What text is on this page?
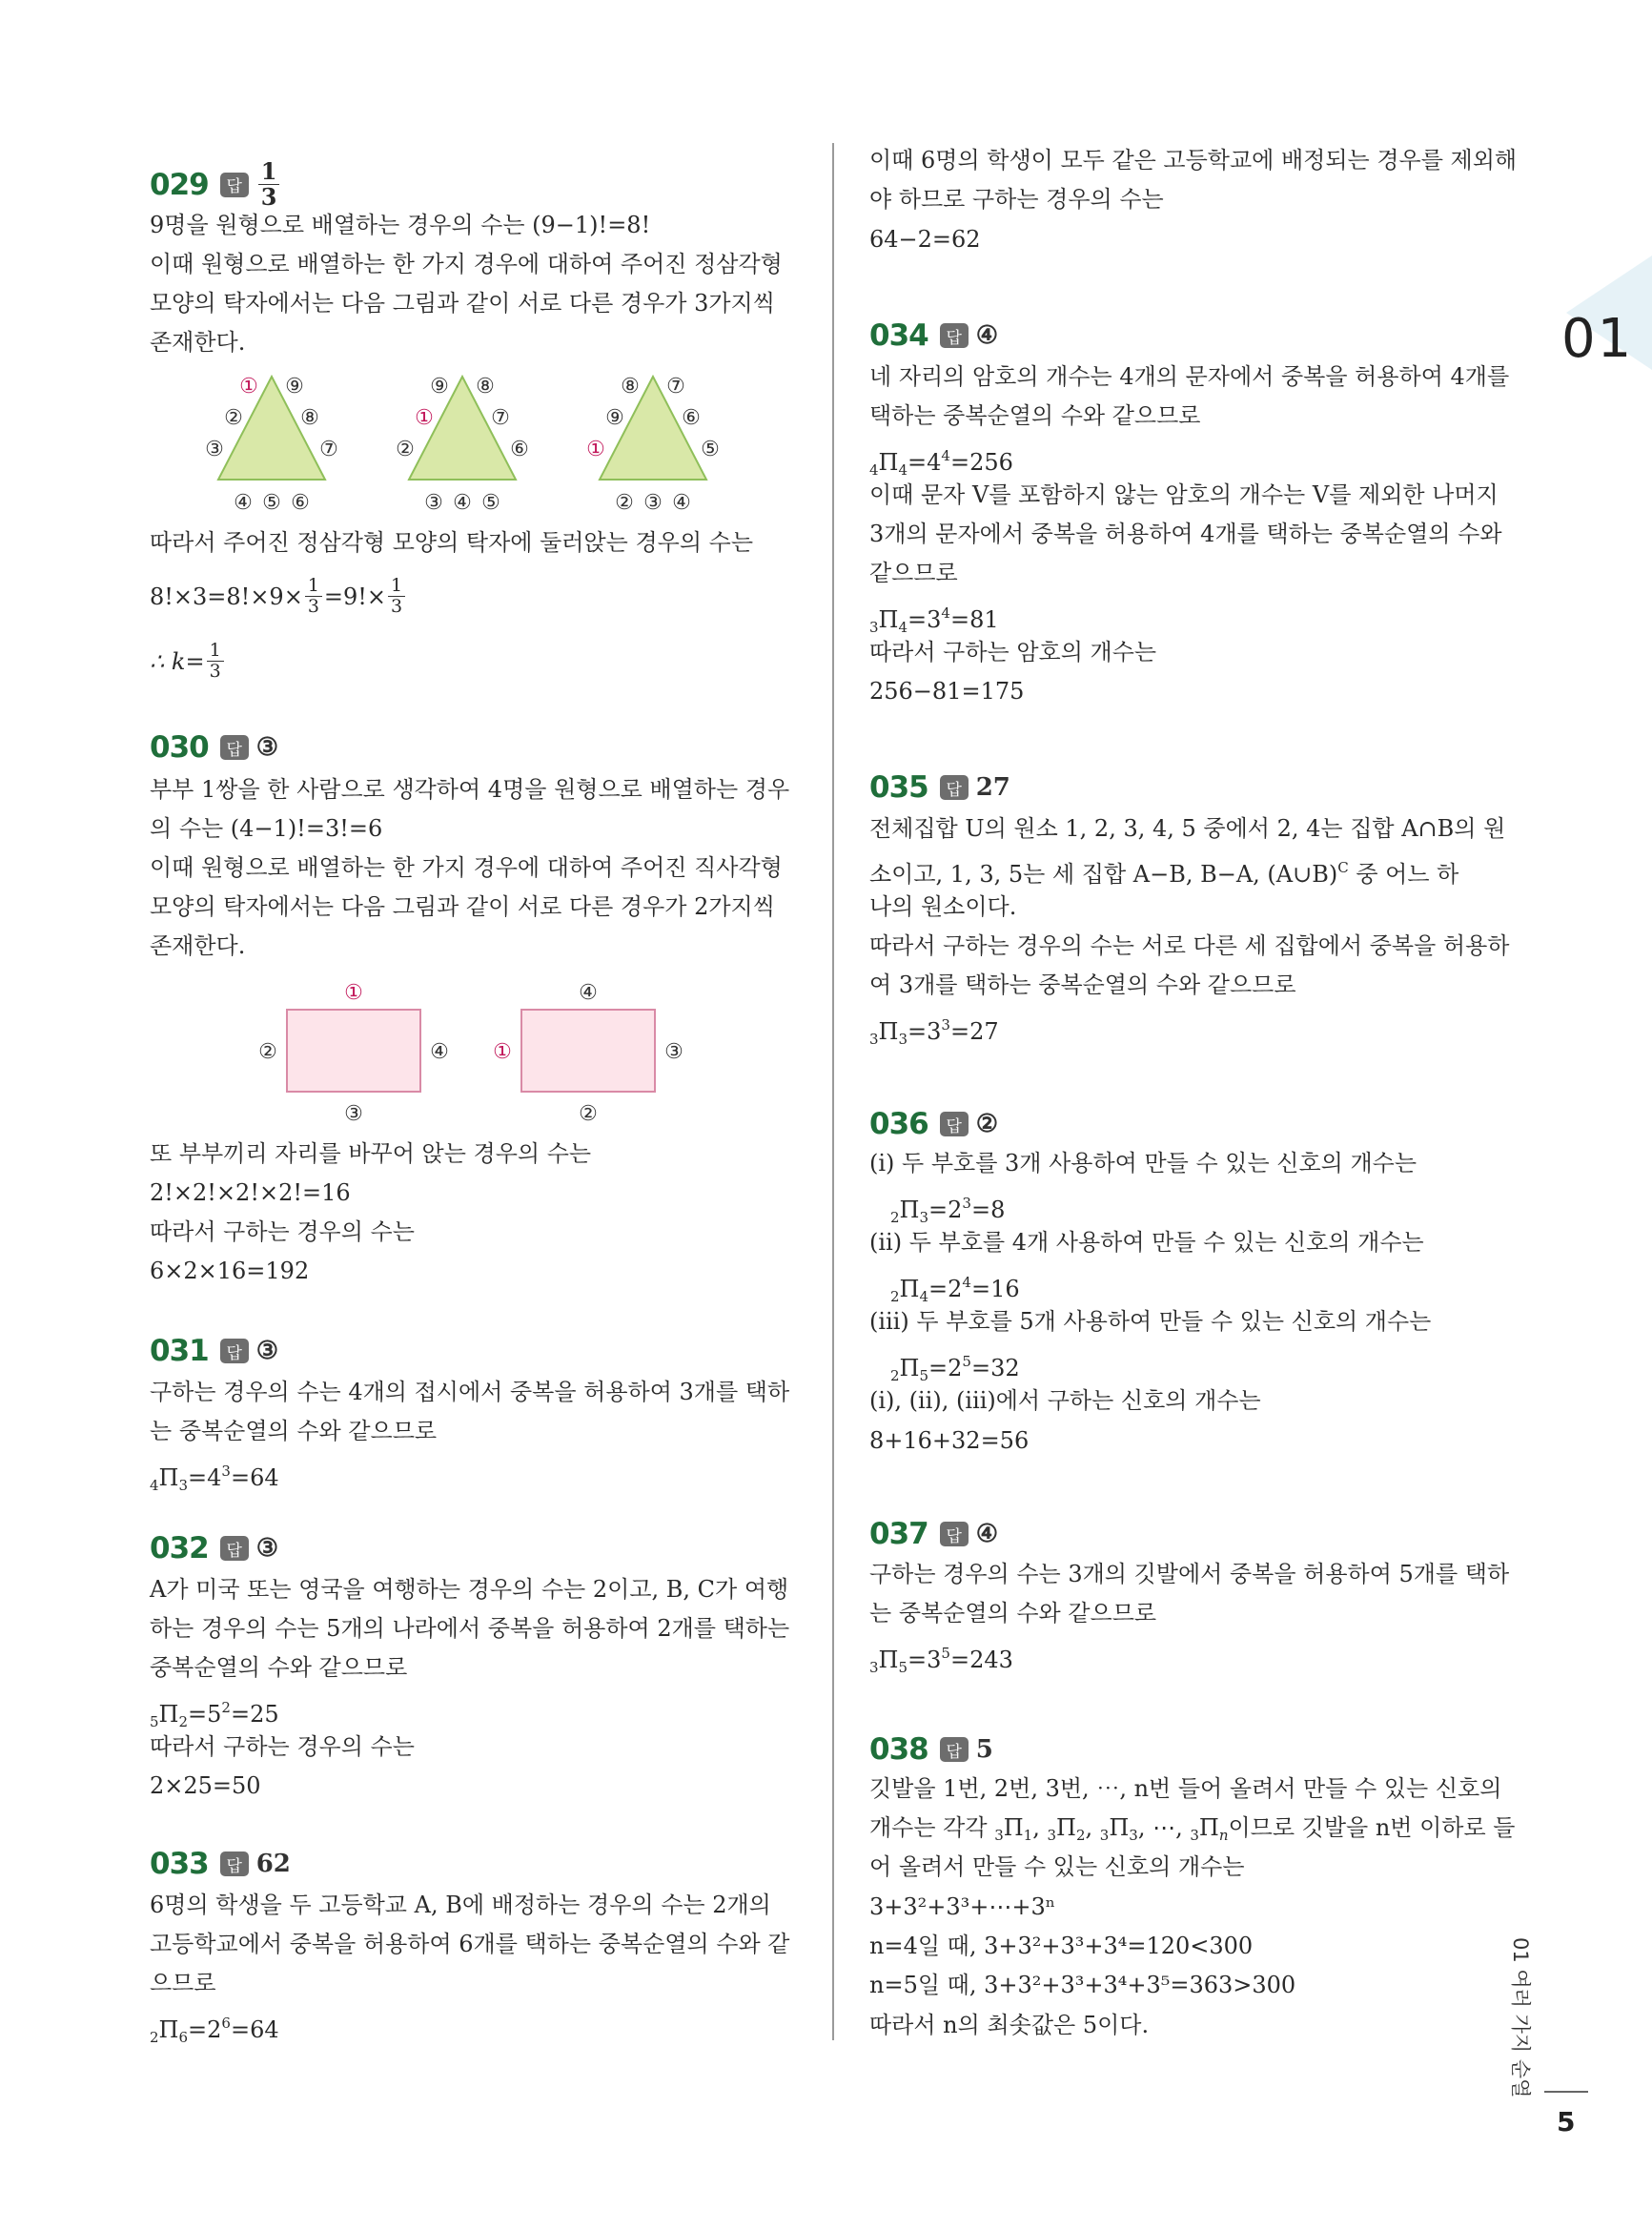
01
029	답
1
3
9명을 원형으로 배열하는 경우의 수는 (9−1)!=8!
이때 원형으로 배열하는 한 가지 경우에 대하여 주어진 정삼각형
모양의 탁자에서는 다음 그림과 같이 서로 다른 경우가 3가지씩
존재한다.
① ⑨
②	⑧
③	⑦
④ ⑤ ⑥
⑨ ⑧
①	⑦
②	⑥
③ ④ ⑤
⑧ ⑦
⑨	⑥
①	⑤
② ③ ④
따라서 주어진 정삼각형 모양의 탁자에 둘러앉는 경우의 수는
$8!\times 3=8!\times 9\times \frac{1}{3} =9!\times \frac{1}{3}$
∴ $k= \frac{1}{3}$
030	답 ③
부부 1쌍을 한 사람으로 생각하여 4명을 원형으로 배열하는 경우
의 수는 (4−1)!=3!=6
이때 원형으로 배열하는 한 가지 경우에 대하여 주어진 직사각형
모양의 탁자에서는 다음 그림과 같이 서로 다른 경우가 2가지씩
존재한다.
①
②	④
③
④
①	③
②
또 부부끼리 자리를 바꾸어 앉는 경우의 수는
2!×2!×2!×2!=16
따라서 구하는 경우의 수는
6×2×16=192
031	답 ③
구하는 경우의 수는 4개의 접시에서 중복을 허용하여 3개를 택하
는 중복순열의 수와 같으므로
$_4\Pi_3=4^3=64$
032	답 ③
A가 미국 또는 영국을 여행하는 경우의 수는 2이고, B, C가 여행
하는 경우의 수는 5개의 나라에서 중복을 허용하여 2개를 택하는
중복순열의 수와 같으므로
$_5\Pi_2=5^2=25$
따라서 구하는 경우의 수는
2×25=50
033	답 62
6명의 학생을 두 고등학교 A, B에 배정하는 경우의 수는 2개의
고등학교에서 중복을 허용하여 6개를 택하는 중복순열의 수와 같
으므로
$_2\Pi_6=2^6=64$
이때 6명의 학생이 모두 같은 고등학교에 배정되는 경우를 제외해
야 하므로 구하는 경우의 수는
64−2=62
034	답 ④
네 자리의 암호의 개수는 4개의 문자에서 중복을 허용하여 4개를
택하는 중복순열의 수와 같으므로
$_4\Pi_4=4^4=256$
이때 문자 V를 포함하지 않는 암호의 개수는 V를 제외한 나머지
3개의 문자에서 중복을 허용하여 4개를 택하는 중복순열의 수와
같으므로
$_3\Pi_4=3^4=81$
따라서 구하는 암호의 개수는
256−81=175
035	답 27
전체집합 U의 원소 1, 2, 3, 4, 5 중에서 2, 4는 집합 A∩B의 원
소이고, 1, 3, 5는 세 집합 A−B, B−A, (A∪B)$^C$ 중 어느 하
나의 원소이다.
따라서 구하는 경우의 수는 서로 다른 세 집합에서 중복을 허용하
여 3개를 택하는 중복순열의 수와 같으므로
$_3\Pi_3=3^3=27$
036	답 ②
(ⅰ) 두 부호를 3개 사용하여 만들 수 있는 신호의 개수는
$_2\Pi_3=2^3=8$
(ⅱ) 두 부호를 4개 사용하여 만들 수 있는 신호의 개수는
$_2\Pi_4=2^4=16$
(ⅲ) 두 부호를 5개 사용하여 만들 수 있는 신호의 개수는
$_2\Pi_5=2^5=32$
(ⅰ), (ⅱ), (ⅲ)에서 구하는 신호의 개수는
8+16+32=56
037	답 ④
구하는 경우의 수는 3개의 깃발에서 중복을 허용하여 5개를 택하
는 중복순열의 수와 같으므로
$_3\Pi_5=3^5=243$
038	답 5
깃발을 1번, 2번, 3번, ⋯, n번 들어 올려서 만들 수 있는 신호의
개수는 각각 $_3\Pi_1$, $_3\Pi_2$, $_3\Pi_3$, ⋯, $_3\Pi_n$이므로 깃발을 n번 이하로 들
어 올려서 만들 수 있는 신호의 개수는
3+3²+3³+⋯+3ⁿ
n=4일 때, 3+3²+3³+3⁴=120<300
n=5일 때, 3+3²+3³+3⁴+3⁵=363>300
따라서 n의 최솟값은 5이다.	01 여러 가지 순열
5
